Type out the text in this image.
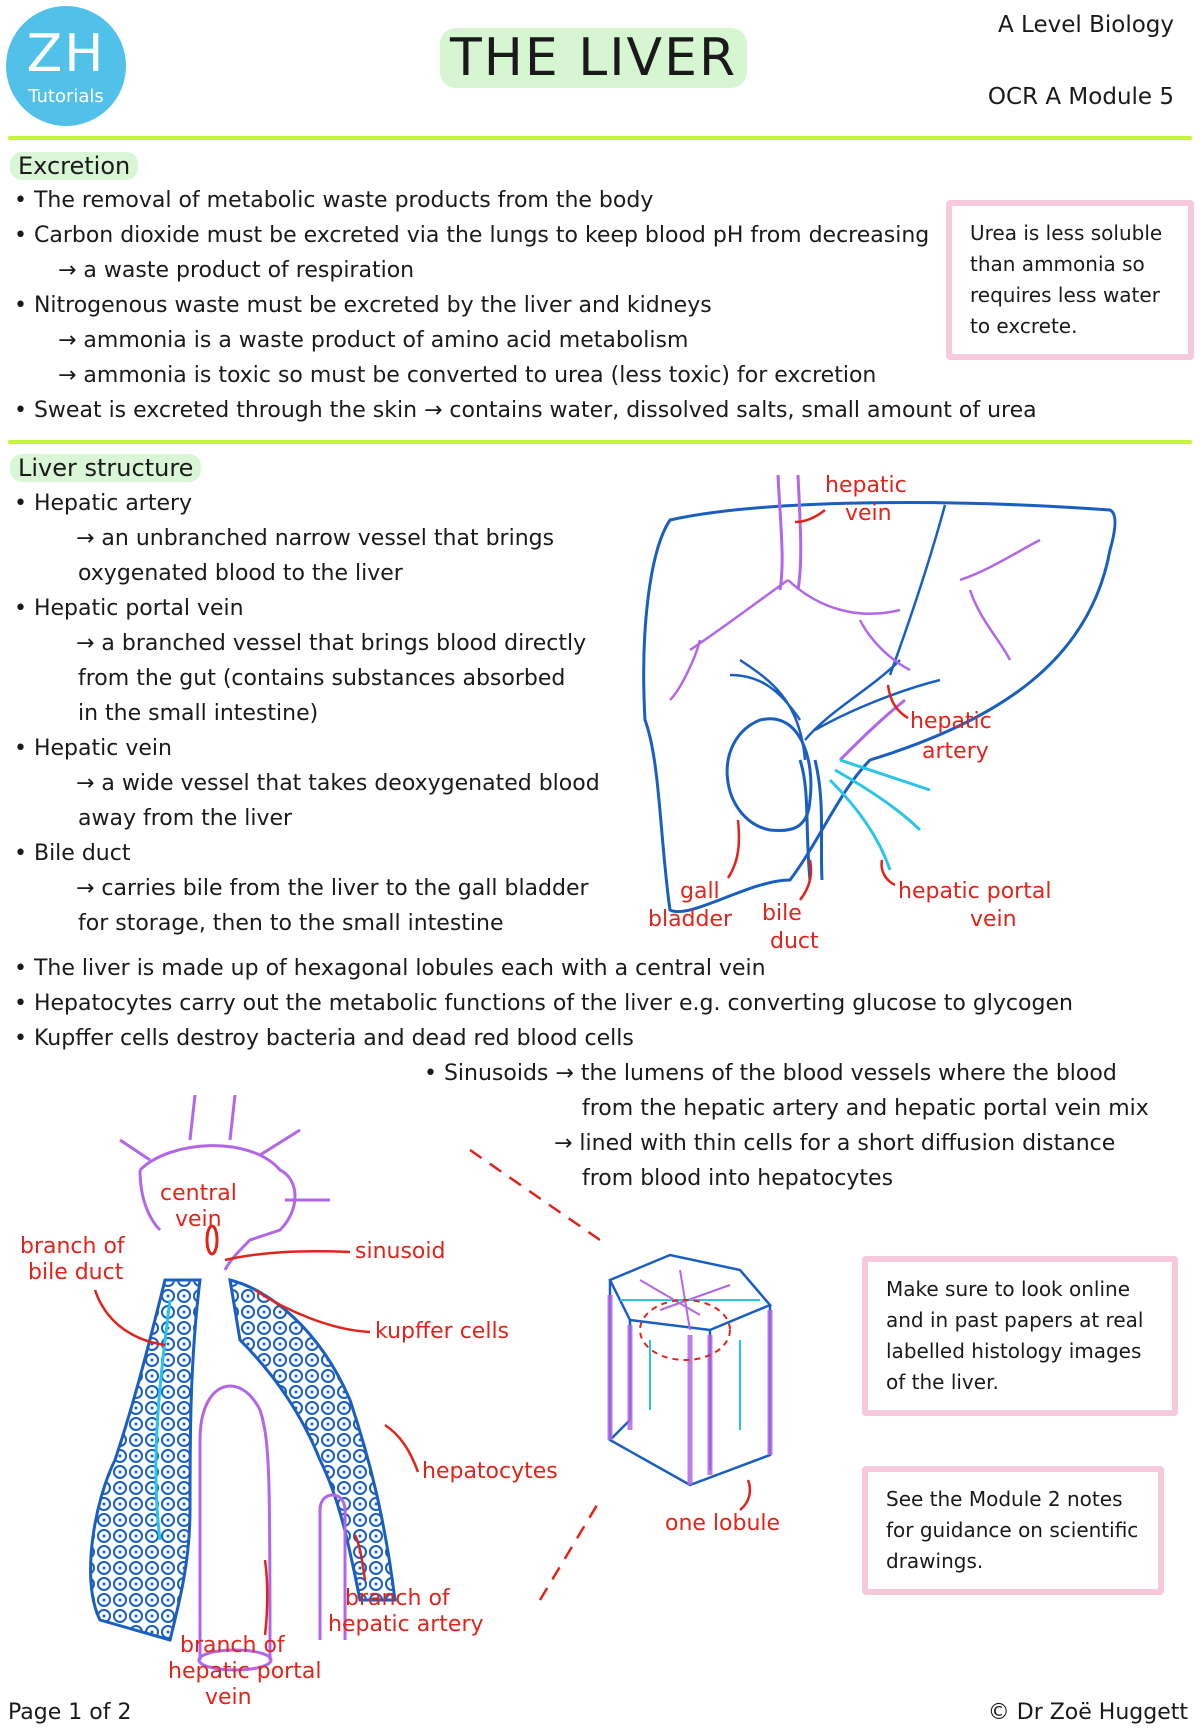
ZH
Tutorials
THE LIVER
A Level Biology
OCR A Module 5
Excretion
• The removal of metabolic waste products from the body
• Carbon dioxide must be excreted via the lungs to keep blood pH from decreasing
→ a waste product of respiration
• Nitrogenous waste must be excreted by the liver and kidneys
→ ammonia is a waste product of amino acid metabolism
→ ammonia is toxic so must be converted to urea (less toxic) for excretion
• Sweat is excreted through the skin → contains water, dissolved salts, small amount of urea
Urea is less soluble than ammonia so requires less water to excrete.
Liver structure
• Hepatic artery
→ an unbranched narrow vessel that brings
oxygenated blood to the liver
• Hepatic portal vein
→ a branched vessel that brings blood directly
from the gut (contains substances absorbed
in the small intestine)
• Hepatic vein
→ a wide vessel that takes deoxygenated blood
away from the liver
• Bile duct
→ carries bile from the liver to the gall bladder
for storage, then to the small intestine
hepatic
vein
hepatic
artery
hepatic portal
vein
gall
bladder bile
duct
• The liver is made up of hexagonal lobules each with a central vein
• Hepatocytes carry out the metabolic functions of the liver e.g. converting glucose to glycogen
• Kupffer cells destroy bacteria and dead red blood cells
• Sinusoids → the lumens of the blood vessels where the blood
from the hepatic artery and hepatic portal vein mix
→ lined with thin cells for a short diffusion distance
from blood into hepatocytes
central
vein
branch of
bile duct
sinusoid
kupffer cells
hepatocytes
branch of
hepatic artery
branch of
hepatic portal
vein
one lobule
Make sure to look online and in past papers at real labelled histology images of the liver.
See the Module 2 notes for guidance on scientific drawings.
Page 1 of 2	© Dr Zoë Huggett
